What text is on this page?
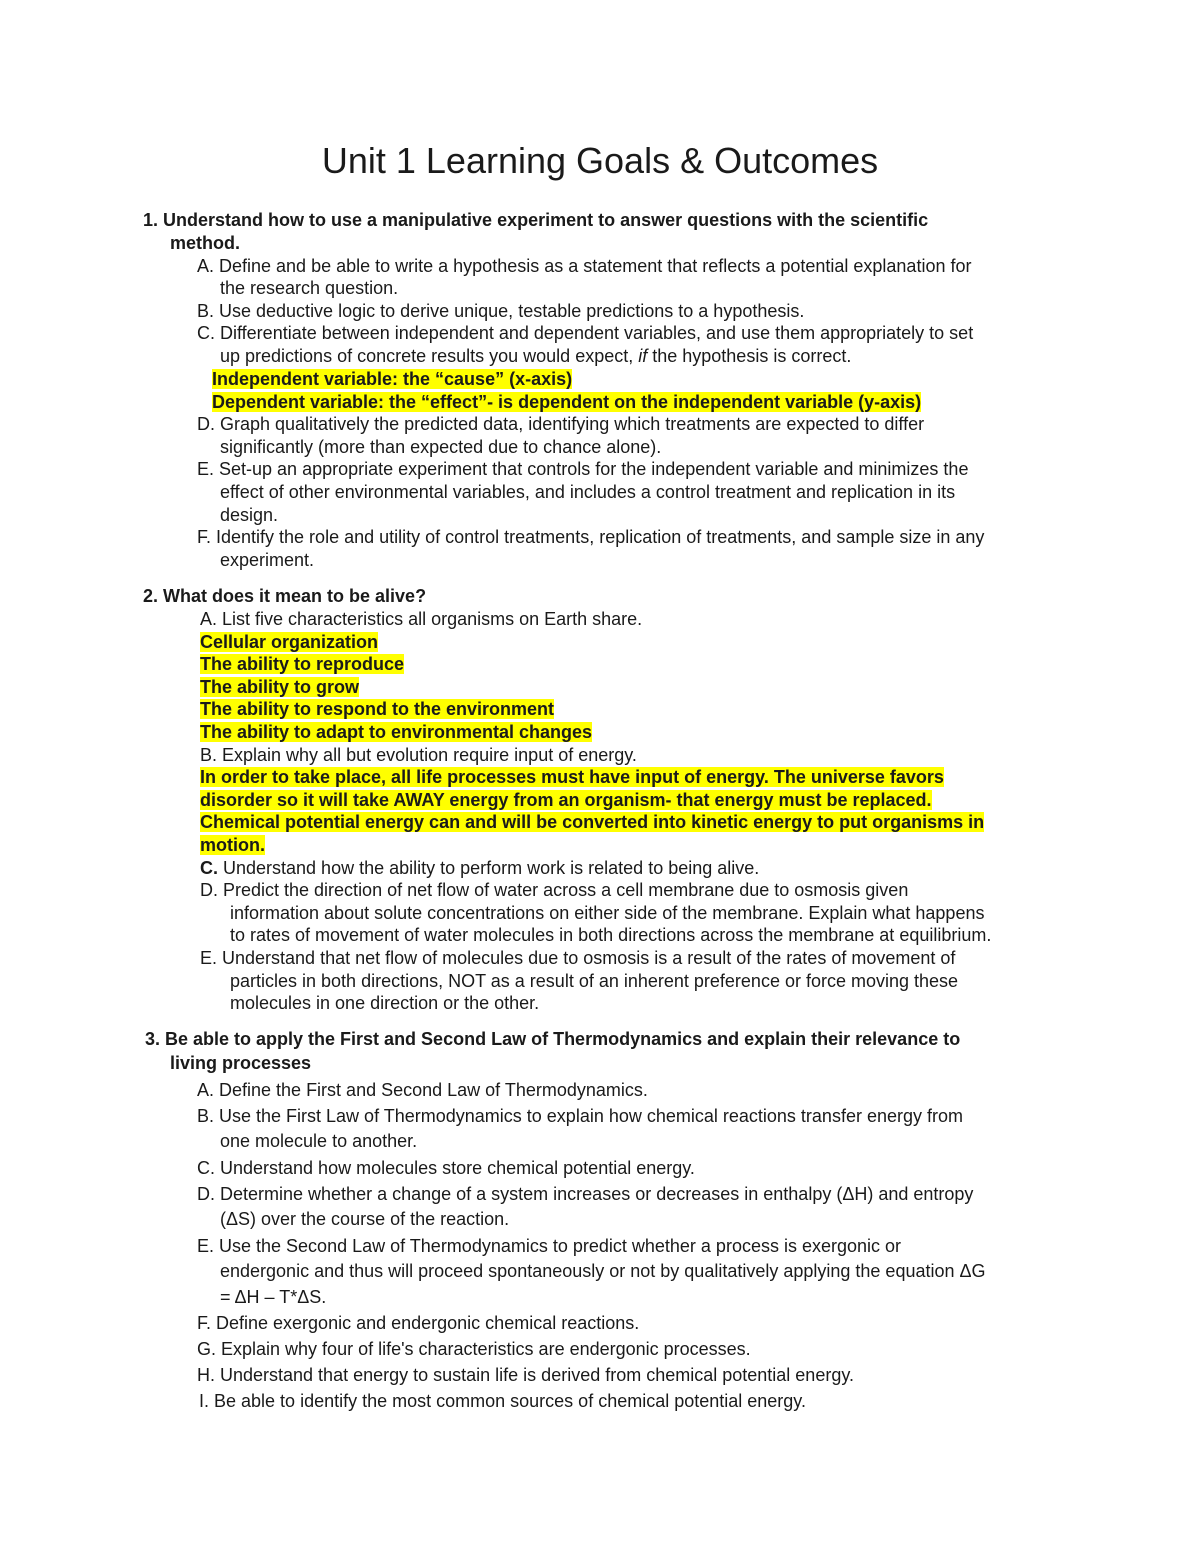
Unit 1 Learning Goals & Outcomes
1. Understand how to use a manipulative experiment to answer questions with the scientific
method.
A. Define and be able to write a hypothesis as a statement that reflects a potential explanation for
the research question.
B. Use deductive logic to derive unique, testable predictions to a hypothesis.
C. Differentiate between independent and dependent variables, and use them appropriately to set
up predictions of concrete results you would expect, if the hypothesis is correct.
Independent variable: the “cause” (x-axis)
Dependent variable: the “effect”- is dependent on the independent variable (y-axis)
D. Graph qualitatively the predicted data, identifying which treatments are expected to differ
significantly (more than expected due to chance alone).
E. Set-up an appropriate experiment that controls for the independent variable and minimizes the
effect of other environmental variables, and includes a control treatment and replication in its
design.
F. Identify the role and utility of control treatments, replication of treatments, and sample size in any
experiment.
2. What does it mean to be alive?
A. List five characteristics all organisms on Earth share.
Cellular organization
The ability to reproduce
The ability to grow
The ability to respond to the environment
The ability to adapt to environmental changes
B. Explain why all but evolution require input of energy.
In order to take place, all life processes must have input of energy. The universe favors
disorder so it will take AWAY energy from an organism- that energy must be replaced.
Chemical potential energy can and will be converted into kinetic energy to put organisms in
motion.
C. Understand how the ability to perform work is related to being alive.
D. Predict the direction of net flow of water across a cell membrane due to osmosis given
information about solute concentrations on either side of the membrane. Explain what happens
to rates of movement of water molecules in both directions across the membrane at equilibrium.
E. Understand that net flow of molecules due to osmosis is a result of the rates of movement of
particles in both directions, NOT as a result of an inherent preference or force moving these
molecules in one direction or the other.
3. Be able to apply the First and Second Law of Thermodynamics and explain their relevance to
living processes
A. Define the First and Second Law of Thermodynamics.
B. Use the First Law of Thermodynamics to explain how chemical reactions transfer energy from
one molecule to another.
C. Understand how molecules store chemical potential energy.
D. Determine whether a change of a system increases or decreases in enthalpy (ΔH) and entropy
(ΔS) over the course of the reaction.
E. Use the Second Law of Thermodynamics to predict whether a process is exergonic or
endergonic and thus will proceed spontaneously or not by qualitatively applying the equation ΔG
= ΔH – T*ΔS.
F. Define exergonic and endergonic chemical reactions.
G. Explain why four of life's characteristics are endergonic processes.
H. Understand that energy to sustain life is derived from chemical potential energy.
I. Be able to identify the most common sources of chemical potential energy.
